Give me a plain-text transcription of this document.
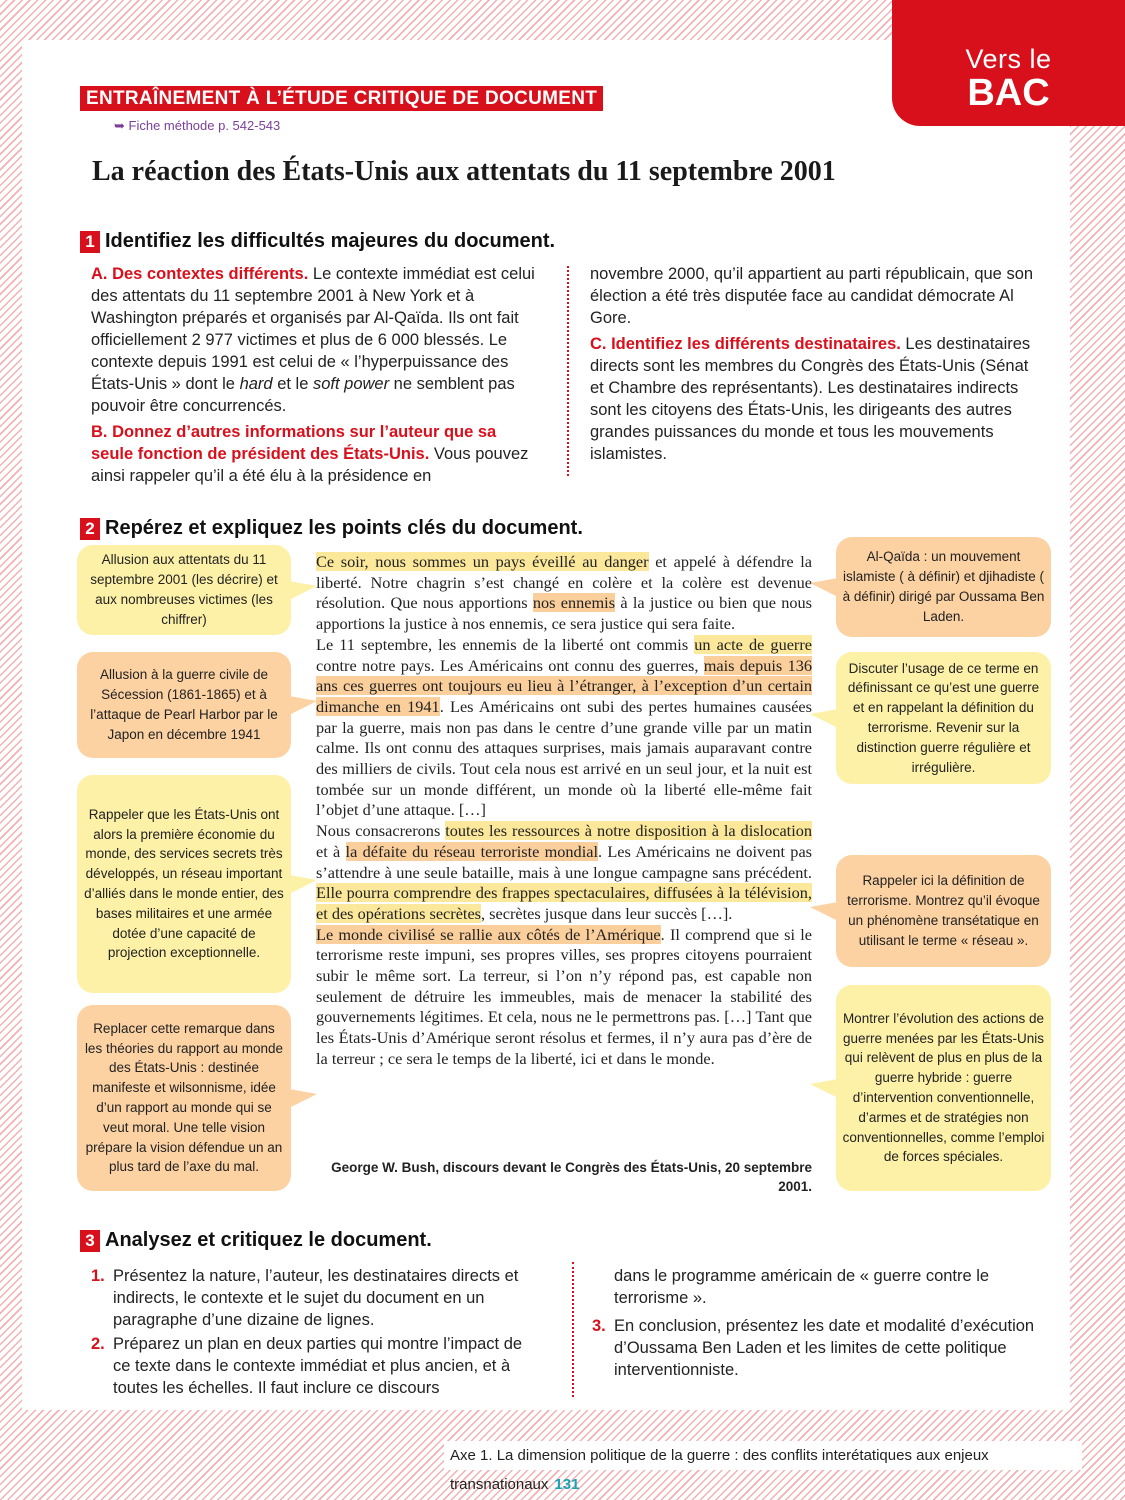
Vers le
BAC
ENTRAÎNEMENT À L’ÉTUDE CRITIQUE DE DOCUMENT
➥ Fiche méthode p. 542-543
La réaction des États-Unis aux attentats du 11 septembre 2001
1 Identifiez les difficultés majeures du document.

A. Des contextes différents. Le contexte immédiat est celui des attentats du 11 septembre 2001 à New York et à Washington préparés et organisés par Al-Qaïda. Ils ont fait officiellement 2 977 victimes et plus de 6 000 blessés. Le contexte depuis 1991 est celui de « l’hyperpuissance des États-Unis » dont le hard et le soft power ne semblent pas pouvoir être concurrencés.

B. Donnez d’autres informations sur l’auteur que sa seule fonction de président des États-Unis. Vous pouvez ainsi rappeler qu’il a été élu à la présidence en

novembre 2000, qu’il appartient au parti républicain, que son élection a été très disputée face au candidat démocrate Al Gore.

C. Identifiez les différents destinataires. Les destinataires directs sont les membres du Congrès des États-Unis (Sénat et Chambre des représentants). Les destinataires indirects sont les citoyens des États-Unis, les dirigeants des autres grandes puissances du monde et tous les mouvements islamistes.

2 Repérez et expliquez les points clés du document.

Ce soir, nous sommes un pays éveillé au danger et appelé à défendre la liberté. Notre chagrin s’est changé en colère et la colère est devenue résolution. Que nous apportions nos ennemis à la justice ou bien que nous apportions la justice à nos ennemis, ce sera justice qui sera faite.

Le 11 septembre, les ennemis de la liberté ont commis un acte de guerre contre notre pays. Les Américains ont connu des guerres, mais depuis 136 ans ces guerres ont toujours eu lieu à l’étranger, à l’exception d’un certain dimanche en 1941. Les Américains ont subi des pertes humaines causées par la guerre, mais non pas dans le centre d’une grande ville par un matin calme. Ils ont connu des attaques surprises, mais jamais auparavant contre des milliers de civils. Tout cela nous est arrivé en un seul jour, et la nuit est tombée sur un monde différent, un monde où la liberté elle-même fait l’objet d’une attaque. […]

Nous consacrerons toutes les ressources à notre disposition à la dislocation et à la défaite du réseau terroriste mondial. Les Américains ne doivent pas s’attendre à une seule bataille, mais à une longue campagne sans précédent. Elle pourra comprendre des frappes spectaculaires, diffusées à la télévision, et des opérations secrètes, secrètes jusque dans leur succès […].

Le monde civilisé se rallie aux côtés de l’Amérique. Il comprend que si le terrorisme reste impuni, ses propres villes, ses propres citoyens pourraient subir le même sort. La terreur, si l’on n’y répond pas, est capable non seulement de détruire les immeubles, mais de menacer la stabilité des gouvernements légitimes. Et cela, nous ne le permettrons pas. […] Tant que les États-Unis d’Amérique seront résolus et fermes, il n’y aura pas d’ère de la terreur ; ce sera le temps de la liberté, ici et dans le monde.

George W. Bush, discours devant le Congrès des États-Unis, 20 septembre 2001.
Allusion aux attentats du 11 septembre 2001 (les décrire) et aux nombreuses victimes (les chiffrer)
Allusion à la guerre civile de Sécession (1861-1865) et à l’attaque de Pearl Harbor par le Japon en décembre 1941
Rappeler que les États-Unis ont alors la première économie du monde, des services secrets très développés, un réseau important d’alliés dans le monde entier, des bases militaires et une armée dotée d’une capacité de projection exceptionnelle.
Replacer cette remarque dans les théories du rapport au monde des États-Unis : destinée manifeste et wilsonnisme, idée d’un rapport au monde qui se veut moral. Une telle vision prépare la vision défendue un an plus tard de l’axe du mal.
Al-Qaïda : un mouvement islamiste ( à définir) et djihadiste ( à définir) dirigé par Oussama Ben Laden.
Discuter l’usage de ce terme en définissant ce qu’est une guerre et en rappelant la définition du terrorisme. Revenir sur la distinction guerre régulière et irrégulière.
Rappeler ici la définition de terrorisme. Montrez qu’il évoque un phénomène transétatique en utilisant le terme « réseau ».
Montrer l’évolution des actions de guerre menées par les États-Unis qui relèvent de plus en plus de la guerre hybride : guerre d’intervention conventionnelle, d’armes et de stratégies non conventionnelles, comme l’emploi de forces spéciales.
3 Analysez et critiquez le document.
1. Présentez la nature, l’auteur, les destinataires directs et indirects, le contexte et le sujet du document en un paragraphe d’une dizaine de lignes.
2. Préparez un plan en deux parties qui montre l’impact de ce texte dans le contexte immédiat et plus ancien, et à toutes les échelles. Il faut inclure ce discours
dans le programme américain de « guerre contre le terrorisme ».
3. En conclusion, présentez les date et modalité d’exécution d’Oussama Ben Laden et les limites de cette politique interventionniste.
Axe 1. La dimension politique de la guerre : des conflits interétatiques aux enjeux transnationaux 131
